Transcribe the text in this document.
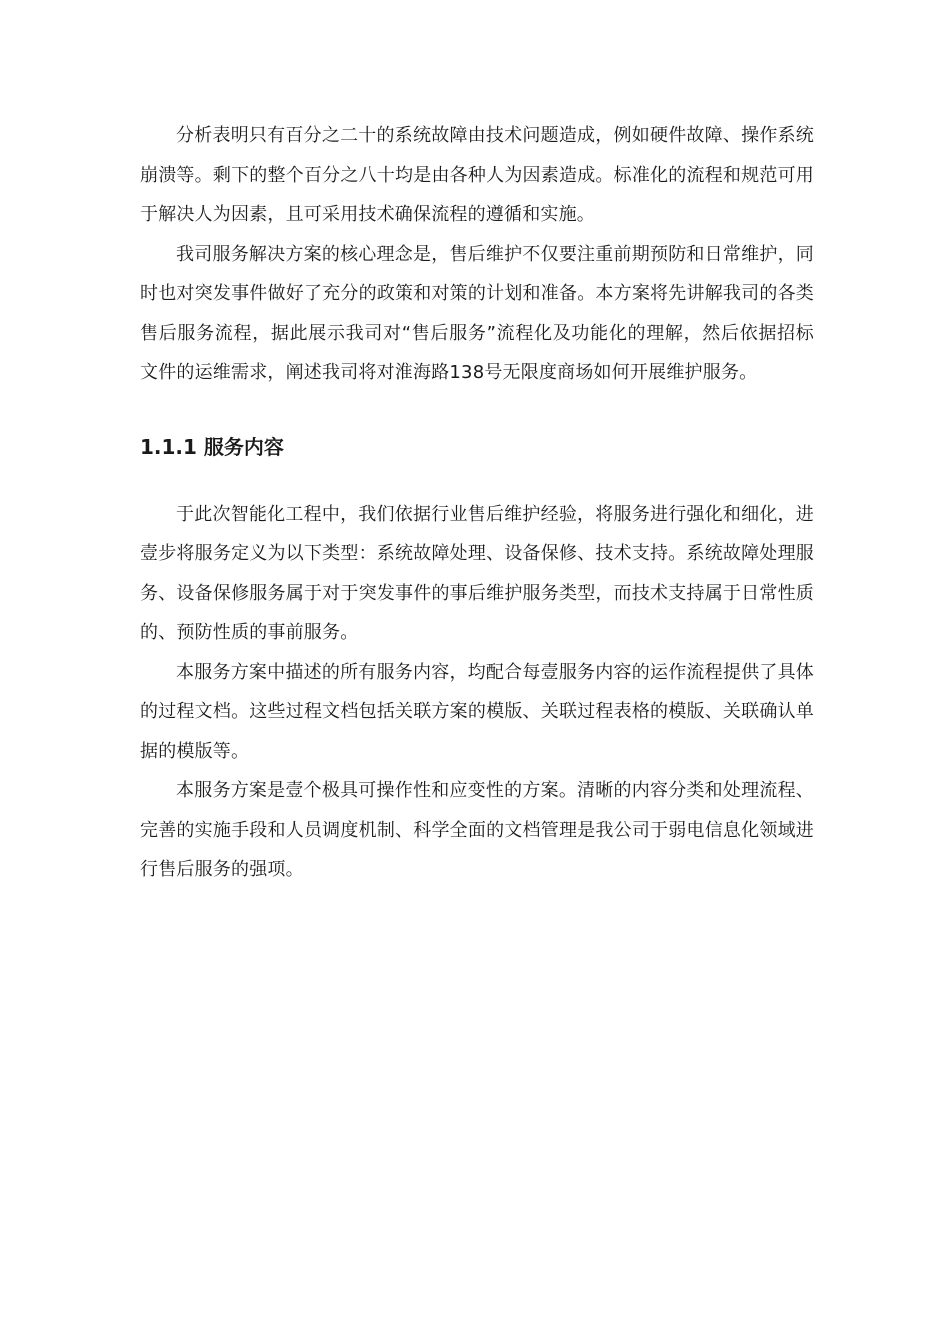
分析表明只有百分之二十的系统故障由技术问题造成，例如硬件故障、操作系统崩溃等。剩下的整个百分之八十均是由各种人为因素造成。标准化的流程和规范可用于解决人为因素，且可采用技术确保流程的遵循和实施。

我司服务解决方案的核心理念是，售后维护不仅要注重前期预防和日常维护，同时也对突发事件做好了充分的政策和对策的计划和准备。本方案将先讲解我司的各类售后服务流程，据此展示我司对“售后服务”流程化及功能化的理解，然后依据招标文件的运维需求，阐述我司将对淮海路138号无限度商场如何开展维护服务。

1.1.1 服务内容

于此次智能化工程中，我们依据行业售后维护经验，将服务进行强化和细化，进壹步将服务定义为以下类型：系统故障处理、设备保修、技术支持。系统故障处理服务、设备保修服务属于对于突发事件的事后维护服务类型，而技术支持属于日常性质的、预防性质的事前服务。

本服务方案中描述的所有服务内容，均配合每壹服务内容的运作流程提供了具体的过程文档。这些过程文档包括关联方案的模版、关联过程表格的模版、关联确认单据的模版等。

本服务方案是壹个极具可操作性和应变性的方案。清晰的内容分类和处理流程、完善的实施手段和人员调度机制、科学全面的文档管理是我公司于弱电信息化领域进行售后服务的强项。
